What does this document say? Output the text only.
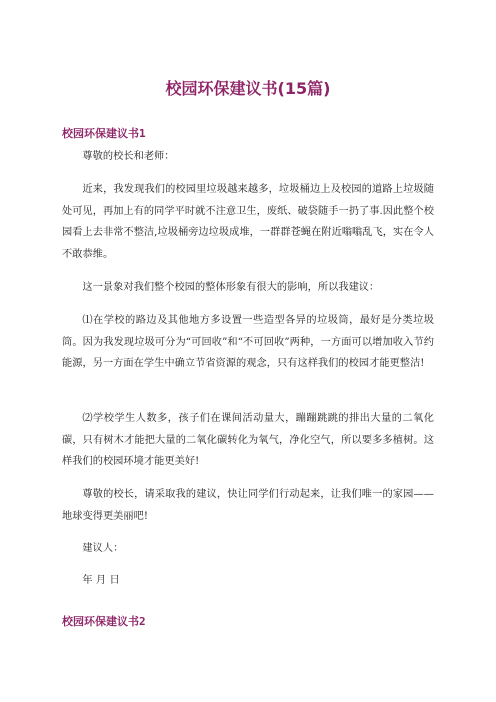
校园环保建议书(15篇)
校园环保建议书1

尊敬的校长和老师：

近来，我发现我们的校园里垃圾越来越多，垃圾桶边上及校园的道路上垃圾随处可见，再加上有的同学平时就不注意卫生，废纸、破袋随手一扔了事.因此整个校园看上去非常不整洁,垃圾桶旁边垃圾成堆，一群群苍蝇在附近嗡嗡乱飞，实在令人不敢恭维。

这一景象对我们整个校园的整体形象有很大的影响，所以我建议：

⑴在学校的路边及其他地方多设置一些造型各异的垃圾筒，最好是分类垃圾筒。因为我发现垃圾可分为“可回收”和“不可回收”两种，一方面可以增加收入节约能源，另一方面在学生中确立节省资源的观念，只有这样我们的校园才能更整洁!

⑵学校学生人数多，孩子们在课间活动量大，蹦蹦跳跳的排出大量的二氧化碳，只有树木才能把大量的二氧化碳转化为氧气，净化空气，所以要多多植树。这样我们的校园环境才能更美好!

尊敬的校长，请采取我的建议，快让同学们行动起来，让我们唯一的家园——地球变得更美丽吧!

建议人：

年 月 日

校园环保建议书2
